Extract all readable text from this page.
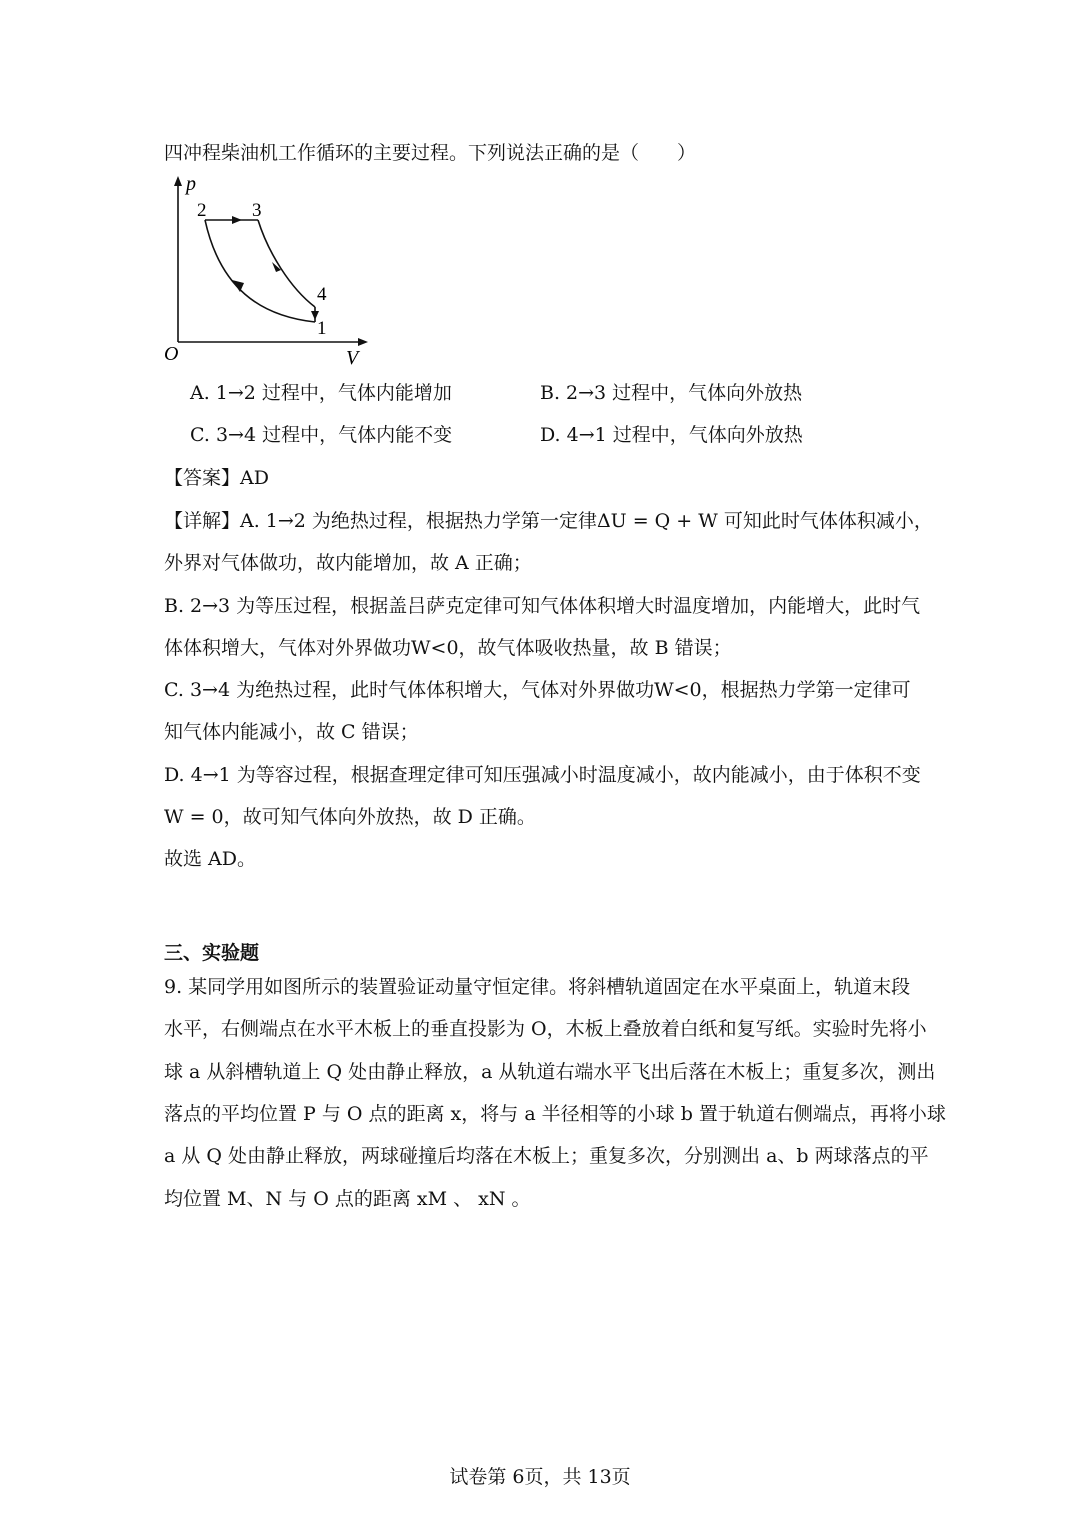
四冲程柴油机工作循环的主要过程。下列说法正确的是（　　）
p
V
O
2 3
4
1
A. 1→2 过程中，气体内能增加	B. 2→3 过程中，气体向外放热
C. 3→4 过程中，气体内能不变	D. 4→1 过程中，气体向外放热
【答案】AD
【详解】A. 1→2 为绝热过程，根据热力学第一定律ΔU = Q + W 可知此时气体体积减小，
外界对气体做功，故内能增加，故 A 正确；
B. 2→3 为等压过程，根据盖吕萨克定律可知气体体积增大时温度增加，内能增大，此时气
体体积增大，气体对外界做功W<0，故气体吸收热量，故 B 错误；
C. 3→4 为绝热过程，此时气体体积增大，气体对外界做功W<0，根据热力学第一定律可
知气体内能减小，故 C 错误；
D. 4→1 为等容过程，根据查理定律可知压强减小时温度减小，故内能减小，由于体积不变
W = 0，故可知气体向外放热，故 D 正确。
故选 AD。
三、实验题
9. 某同学用如图所示的装置验证动量守恒定律。将斜槽轨道固定在水平桌面上，轨道末段
水平，右侧端点在水平木板上的垂直投影为 O，木板上叠放着白纸和复写纸。实验时先将小
球 a 从斜槽轨道上 Q 处由静止释放，a 从轨道右端水平飞出后落在木板上；重复多次，测出
落点的平均位置 P 与 O 点的距离 x，将与 a 半径相等的小球 b 置于轨道右侧端点，再将小球
a 从 Q 处由静止释放，两球碰撞后均落在木板上；重复多次，分别测出 a、b 两球落点的平
均位置 M、N 与 O 点的距离 xM 、 xN 。
试卷第 6页，共 13页
